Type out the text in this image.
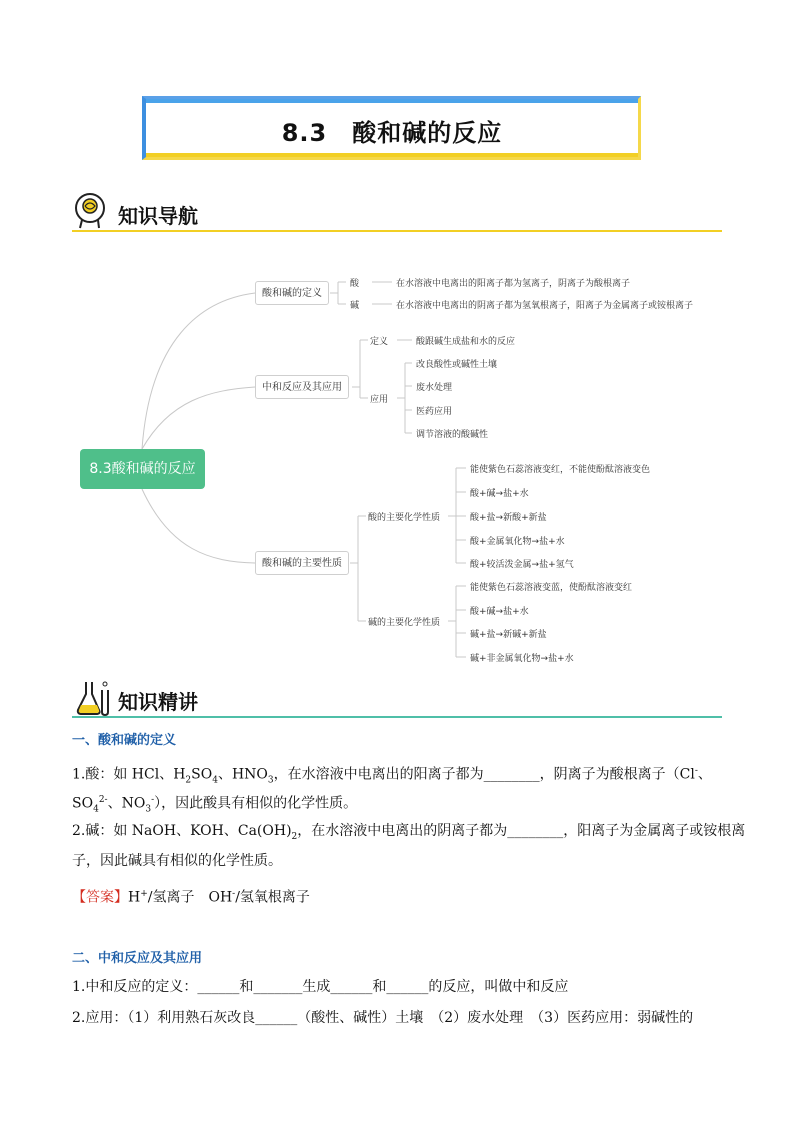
8.3　酸和碱的反应
知识导航
8.3酸和碱的反应
酸和碱的定义
酸	在水溶液中电离出的阳离子都为氢离子，阴离子为酸根离子
碱	在水溶液中电离出的阴离子都为氢氧根离子，阳离子为金属离子或铵根离子
中和反应及其应用
定义	酸跟碱生成盐和水的反应
应用
改良酸性或碱性土壤
废水处理
医药应用
调节溶液的酸碱性
酸和碱的主要性质
酸的主要化学性质
能使紫色石蕊溶液变红，不能使酚酞溶液变色
酸+碱→盐+水
酸+盐→新酸+新盐
酸+金属氧化物→盐+水
酸+较活泼金属→盐+氢气
碱的主要化学性质
能使紫色石蕊溶液变蓝，使酚酞溶液变红
酸+碱→盐+水
碱+盐→新碱+新盐
碱+非金属氧化物→盐+水
知识精讲
一、酸和碱的定义
1.酸：如 HCl、$H_2SO_4$、$HNO_3$，在水溶液中电离出的阳离子都为________，阴离子为酸根离子（Cl-、
$SO_4^{2-}$、$NO_3^-$），因此酸具有相似的化学性质。
2.碱：如 NaOH、KOH、$Ca(OH)_2$，在水溶液中电离出的阴离子都为________，阳离子为金属离子或铵根离
子，因此碱具有相似的化学性质。
【答案】H+/氢离子　OH-/氢氧根离子
二、中和反应及其应用
1.中和反应的定义：______和_______生成______和______的反应，叫做中和反应
2.应用：（1）利用熟石灰改良______（酸性、碱性）土壤　（2）废水处理　（3）医药应用：弱碱性的
